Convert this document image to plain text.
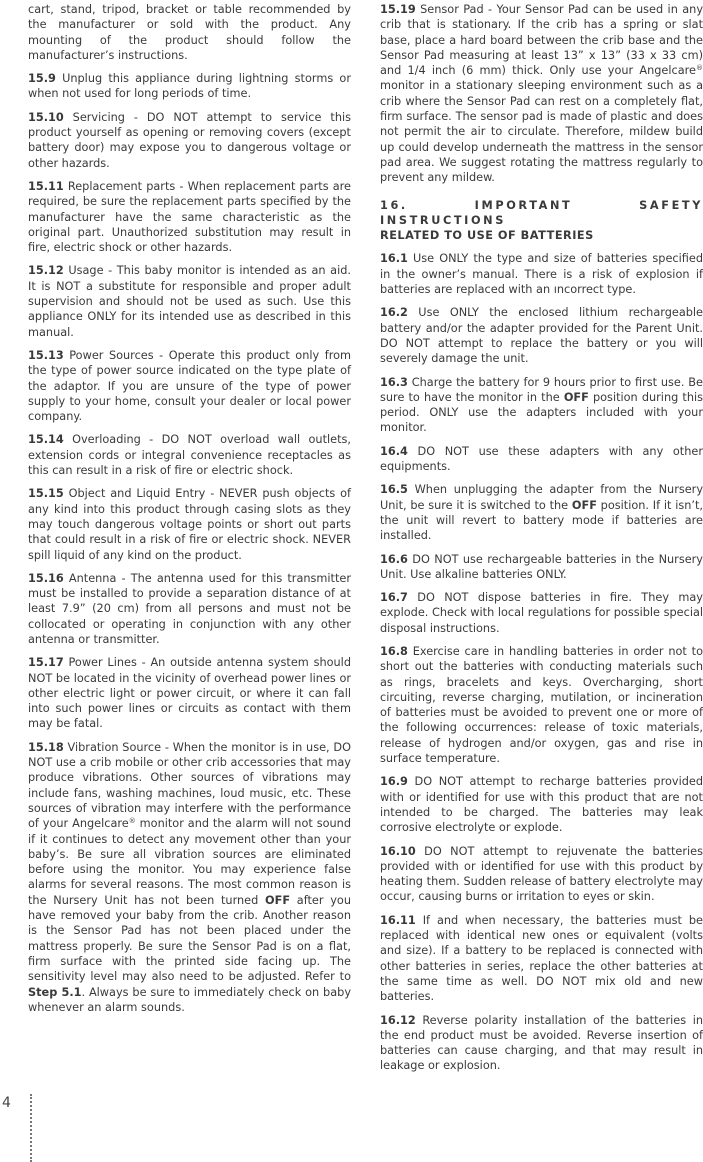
cart, stand, tripod, bracket or table recommended by the manufacturer or sold with the product. Any mounting of the product should follow the manufacturer’s instructions.

15.9 Unplug this appliance during lightning storms or when not used for long periods of time.

15.10 Servicing - DO NOT attempt to service this product yourself as opening or removing covers (except battery door) may expose you to dangerous voltage or other hazards.

15.11 Replacement parts - When replacement parts are required, be sure the replacement parts specified by the manufacturer have the same characteristic as the original part. Unauthorized substitution may result in fire, electric shock or other hazards.

15.12 Usage - This baby monitor is intended as an aid. It is NOT a substitute for responsible and proper adult supervision and should not be used as such. Use this appliance ONLY for its intended use as described in this manual.

15.13 Power Sources - Operate this product only from the type of power source indicated on the type plate of the adaptor. If you are unsure of the type of power supply to your home, consult your dealer or local power company.

15.14 Overloading - DO NOT overload wall outlets, extension cords or integral convenience receptacles as this can result in a risk of fire or electric shock.

15.15 Object and Liquid Entry - NEVER push objects of any kind into this product through casing slots as they may touch dangerous voltage points or short out parts that could result in a risk of fire or electric shock. NEVER spill liquid of any kind on the product.

15.16 Antenna - The antenna used for this transmitter must be installed to provide a separation distance of at least 7.9” (20 cm) from all persons and must not be collocated or operating in conjunction with any other antenna or transmitter.

15.17 Power Lines - An outside antenna system should NOT be located in the vicinity of overhead power lines or other electric light or power circuit, or where it can fall into such power lines or circuits as contact with them may be fatal.

15.18 Vibration Source - When the monitor is in use, DO NOT use a crib mobile or other crib accessories that may produce vibrations. Other sources of vibrations may include fans, washing machines, loud music, etc. These sources of vibration may interfere with the performance of your Angelcare® monitor and the alarm will not sound if it continues to detect any movement other than your baby’s. Be sure all vibration sources are eliminated before using the monitor. You may experience false alarms for several reasons. The most common reason is the Nursery Unit has not been turned OFF after you have removed your baby from the crib. Another reason is the Sensor Pad has not been placed under the mattress properly. Be sure the Sensor Pad is on a flat, firm surface with the printed side facing up. The sensitivity level may also need to be adjusted. Refer to Step 5.1. Always be sure to immediately check on baby whenever an alarm sounds.

15.19 Sensor Pad - Your Sensor Pad can be used in any crib that is stationary. If the crib has a spring or slat base, place a hard board between the crib base and the Sensor Pad measuring at least 13” x 13” (33 x 33 cm) and 1/4 inch (6 mm) thick. Only use your Angelcare® monitor in a stationary sleeping environment such as a crib where the Sensor Pad can rest on a completely flat, firm surface. The sensor pad is made of plastic and does not permit the air to circulate. Therefore, mildew build up could develop underneath the mattress in the sensor pad area. We suggest rotating the mattress regularly to prevent any mildew.

16. IMPORTANT SAFETY INSTRUCTIONS
RELATED TO USE OF BATTERIES

16.1 Use ONLY the type and size of batteries specified in the owner’s manual. There is a risk of explosion if batteries are replaced with an ıncorrect type.

16.2 Use ONLY the enclosed lithium rechargeable battery and/or the adapter provided for the Parent Unit. DO NOT attempt to replace the battery or you will severely damage the unit.

16.3 Charge the battery for 9 hours prior to first use. Be sure to have the monitor in the OFF position during this period. ONLY use the adapters included with your monitor.

16.4 DO NOT use these adapters with any other equipments.

16.5 When unplugging the adapter from the Nursery Unit, be sure it is switched to the OFF position. If it isn’t, the unit will revert to battery mode if batteries are installed.

16.6 DO NOT use rechargeable batteries in the Nursery Unit. Use alkaline batteries ONLY.

16.7 DO NOT dispose batteries in fire. They may explode. Check with local regulations for possible special disposal instructions.

16.8 Exercise care in handling batteries in order not to short out the batteries with conducting materials such as rings, bracelets and keys. Overcharging, short circuiting, reverse charging, mutilation, or incineration of batteries must be avoided to prevent one or more of the following occurrences: release of toxic materials, release of hydrogen and/or oxygen, gas and rise in surface temperature.

16.9 DO NOT attempt to recharge batteries provided with or identified for use with this product that are not intended to be charged. The batteries may leak corrosive electrolyte or explode.

16.10 DO NOT attempt to rejuvenate the batteries provided with or identified for use with this product by heating them. Sudden release of battery electrolyte may occur, causing burns or irritation to eyes or skin.

16.11 If and when necessary, the batteries must be replaced with identical new ones or equivalent (volts and size). If a battery to be replaced is connected with other batteries in series, replace the other batteries at the same time as well. DO NOT mix old and new batteries.

16.12 Reverse polarity installation of the batteries in the end product must be avoided. Reverse insertion of batteries can cause charging, and that may result in leakage or explosion.

4
